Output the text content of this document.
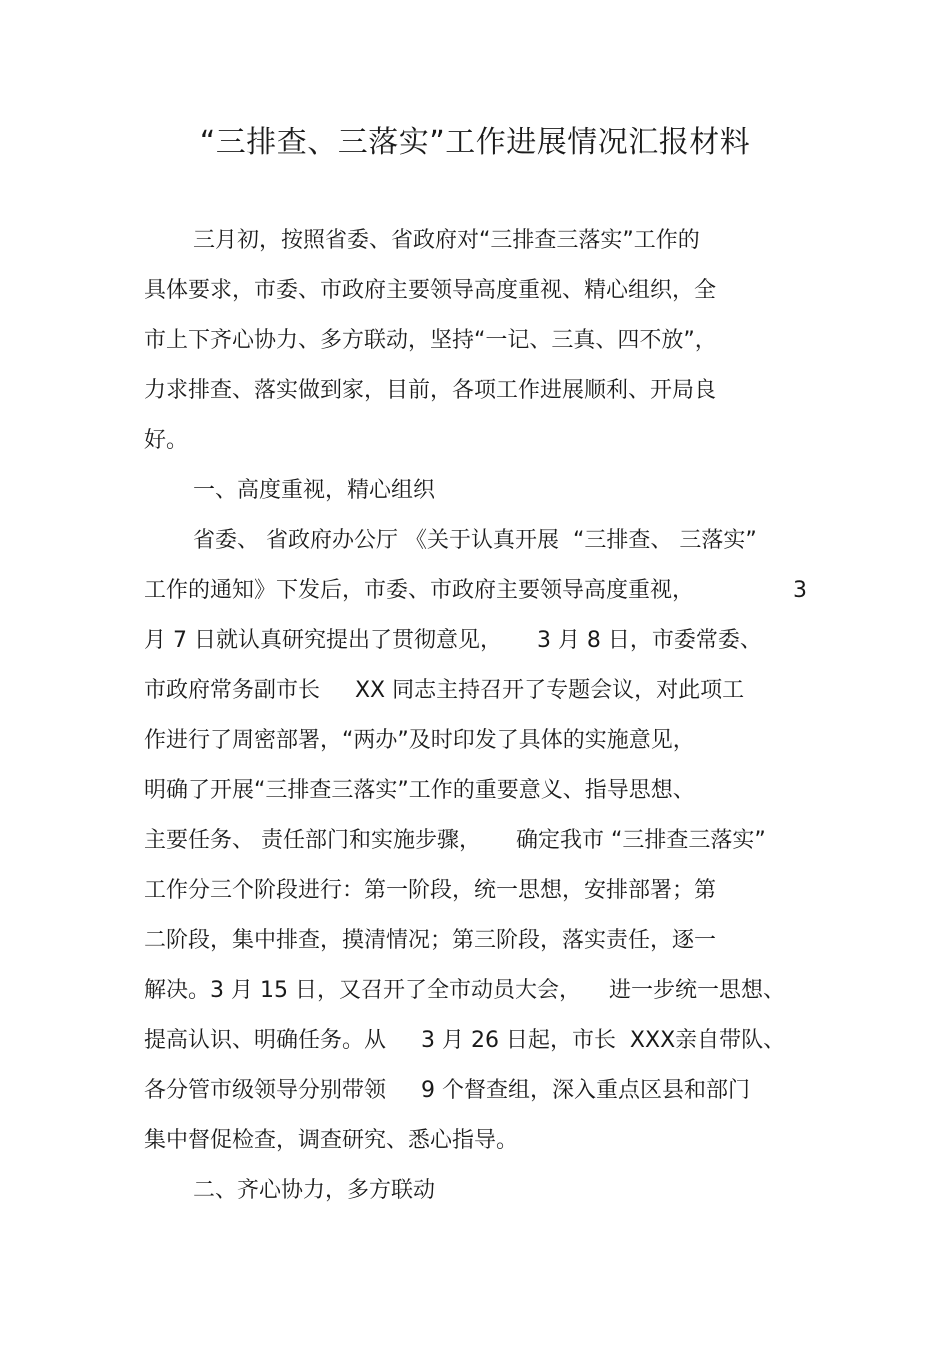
“三排查、三落实”工作进展情况汇报材料
三月初，按照省委、省政府对“三排查三落实”工作的
具体要求，市委、市政府主要领导高度重视、精心组织，全
市上下齐心协力、多方联动，坚持“一记、三真、四不放”，
力求排查、落实做到家，目前，各项工作进展顺利、开局良
好。
一、高度重视，精心组织
省委、 省政府办公厅 《关于认真开展  “三排查、 三落实”
工作的通知》下发后，市委、市政府主要领导高度重视，	3
月 7 日就认真研究提出了贯彻意见，     3 月 8 日，市委常委、
市政府常务副市长     XX 同志主持召开了专题会议，对此项工
作进行了周密部署，“两办”及时印发了具体的实施意见，
明确了开展“三排查三落实”工作的重要意义、指导思想、
主要任务、 责任部门和实施步骤，     确定我市 “三排查三落实”
工作分三个阶段进行：第一阶段，统一思想，安排部署；第
二阶段，集中排查，摸清情况；第三阶段，落实责任，逐一
解决。3 月 15 日，又召开了全市动员大会，    进一步统一思想、
提高认识、明确任务。从     3 月 26 日起，市长  XXX亲自带队、
各分管市级领导分别带领     9 个督查组，深入重点区县和部门
集中督促检查，调查研究、悉心指导。
二、齐心协力，多方联动
